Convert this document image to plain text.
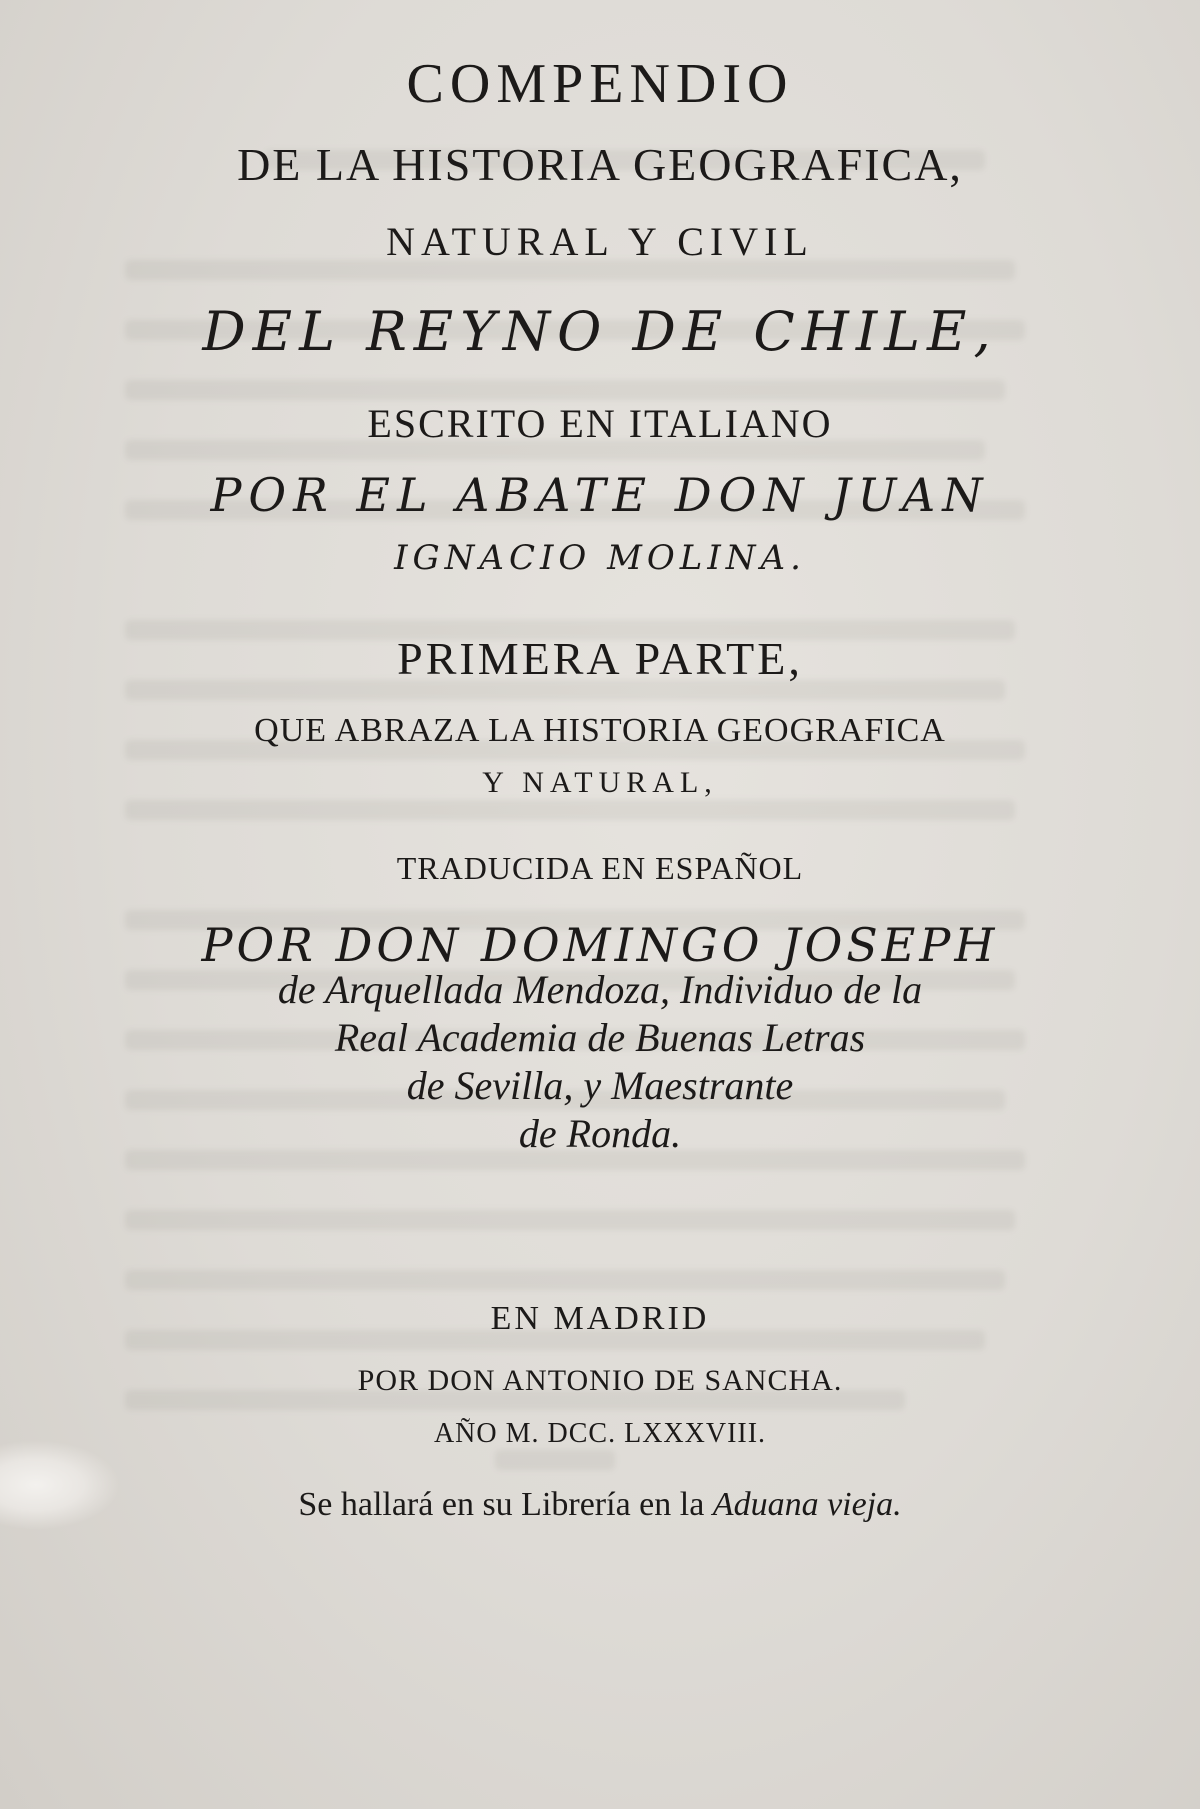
COMPENDIO
DE LA HISTORIA GEOGRAFICA,
NATURAL Y CIVIL
DEL REYNO DE CHILE,
ESCRITO EN ITALIANO
POR EL ABATE DON JUAN
IGNACIO MOLINA.
PRIMERA PARTE,
QUE ABRAZA LA HISTORIA GEOGRAFICA
Y NATURAL,
TRADUCIDA EN ESPAÑOL
POR DON DOMINGO JOSEPH
de Arquellada Mendoza, Individuo de la
Real Academia de Buenas Letras
de Sevilla, y Maestrante
de Ronda.
EN MADRID
POR DON ANTONIO DE SANCHA.
AÑO M. DCC. LXXXVIII.
Se hallará en su Librería en la Aduana vieja.
